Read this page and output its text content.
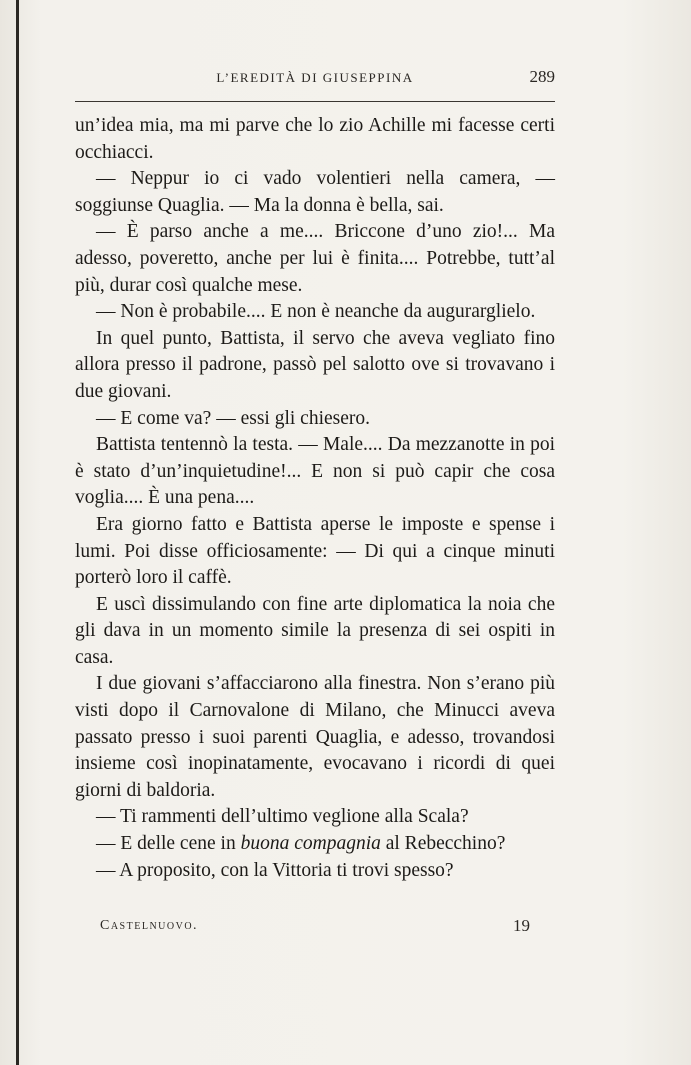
L’EREDITÀ DI GIUSEPPINA	289

un’idea mia, ma mi parve che lo zio Achille mi facesse certi occhiacci.

— Neppur io ci vado volentieri nella camera, — soggiunse Quaglia. — Ma la donna è bella, sai.

— È parso anche a me.... Briccone d’uno zio!... Ma adesso, poveretto, anche per lui è finita.... Potrebbe, tutt’al più, durar così qualche mese.

— Non è probabile.... E non è neanche da augurarglielo.

In quel punto, Battista, il servo che aveva vegliato fino allora presso il padrone, passò pel salotto ove si trovavano i due giovani.

— E come va? — essi gli chiesero.

Battista tentennò la testa. — Male.... Da mezzanotte in poi è stato d’un’inquietudine!... E non si può capir che cosa voglia.... È una pena....

Era giorno fatto e Battista aperse le imposte e spense i lumi. Poi disse officiosamente: — Di qui a cinque minuti porterò loro il caffè.

E uscì dissimulando con fine arte diplomatica la noia che gli dava in un momento simile la presenza di sei ospiti in casa.

I due giovani s’affacciarono alla finestra. Non s’erano più visti dopo il Carnovalone di Milano, che Minucci aveva passato presso i suoi parenti Quaglia, e adesso, trovandosi insieme così inopinatamente, evocavano i ricordi di quei giorni di baldoria.

— Ti rammenti dell’ultimo veglione alla Scala?

— E delle cene in buona compagnia al Rebecchino?

— A proposito, con la Vittoria ti trovi spesso?

Castelnuovo.	19
